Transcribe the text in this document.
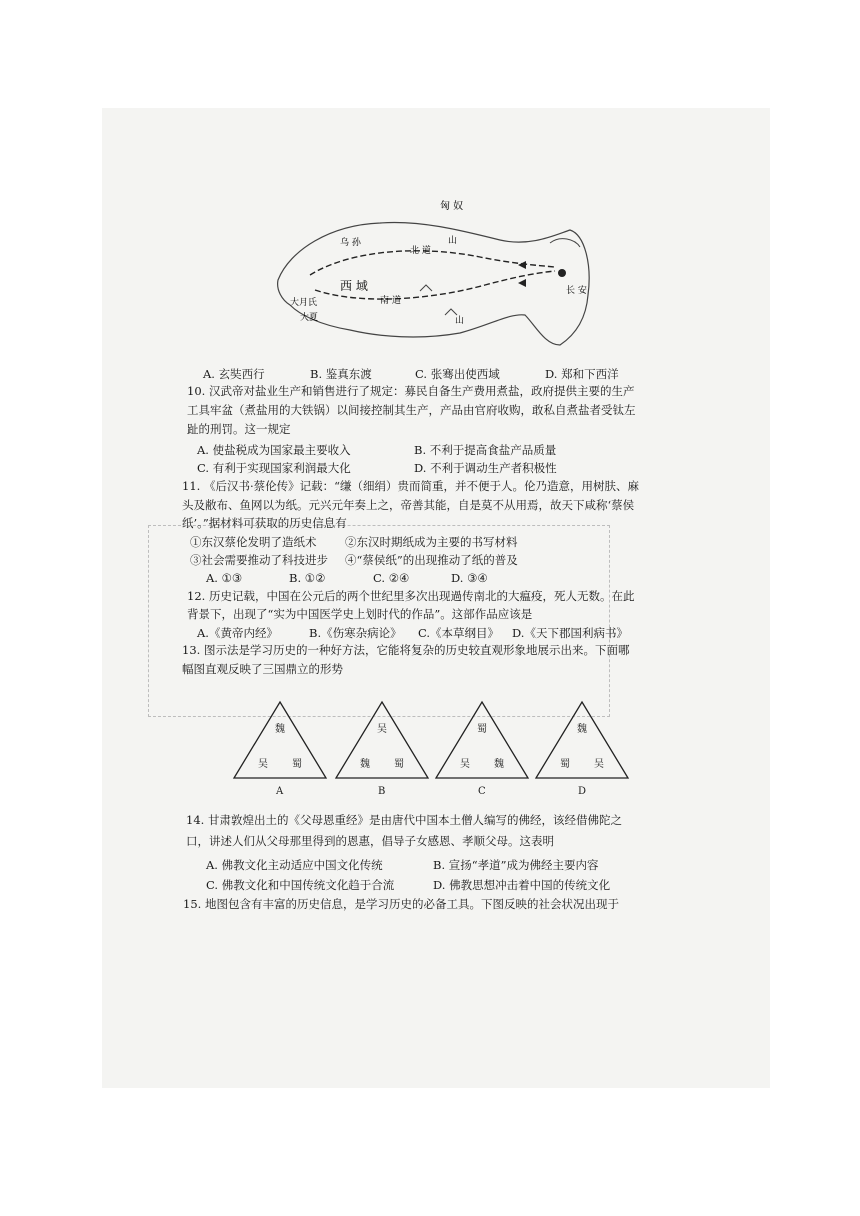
匈 奴
乌 孙
西 域
大月氏
大夏
山
北 道
南 道
长 安
山
A. 玄奘西行	B. 鉴真东渡	C. 张骞出使西域	D. 郑和下西洋
10. 汉武帝对盐业生产和销售进行了规定：募民自备生产费用煮盐，政府提供主要的生产
工具牢盆（煮盐用的大铁锅）以间接控制其生产，产品由官府收购，敢私自煮盐者受钛左
趾的刑罚。这一规定
A. 使盐税成为国家最主要收入	B. 不利于提高食盐产品质量
C. 有利于实现国家利润最大化	D. 不利于调动生产者积极性
11. 《后汉书·蔡伦传》记载：“缣（细绢）贵而简重，并不便于人。伦乃造意，用树肤、麻
头及敝布、鱼网以为纸。元兴元年奏上之，帝善其能，自是莫不从用焉，故天下咸称‘蔡侯
纸’。”据材料可获取的历史信息有
①东汉蔡伦发明了造纸术 ②东汉时期纸成为主要的书写材料
③社会需要推动了科技进步 ④“蔡侯纸”的出现推动了纸的普及
A. ①③	B. ①②	C. ②④	D. ③④
12. 历史记载，中国在公元后的两个世纪里多次出现過传南北的大瘟疫，死人无数。在此
背景下，出现了“实为中国医学史上划时代的作品”。这部作品应该是
A.《黄帝内经》	B.《伤寒杂病论》 C.《本草纲目》 D.《天下郡国利病书》
13. 图示法是学习历史的一种好方法，它能将复杂的历史较直观形象地展示出来。下面哪
幅图直观反映了三国鼎立的形势
魏
吴 蜀
A
吴
魏 蜀
B
蜀
吴 魏
C
魏
蜀 吴
D
14. 甘肃敦煌出土的《父母恩重经》是由唐代中国本土僧人编写的佛经，该经借佛陀之
口，讲述人们从父母那里得到的恩惠，倡导子女感恩、孝顺父母。这表明
A. 佛教文化主动适应中国文化传统	B. 宣扬“孝道”成为佛经主要内容
C. 佛教文化和中国传统文化趋于合流	D. 佛教思想冲击着中国的传统文化
15. 地图包含有丰富的历史信息，是学习历史的必备工具。下图反映的社会状况出现于
